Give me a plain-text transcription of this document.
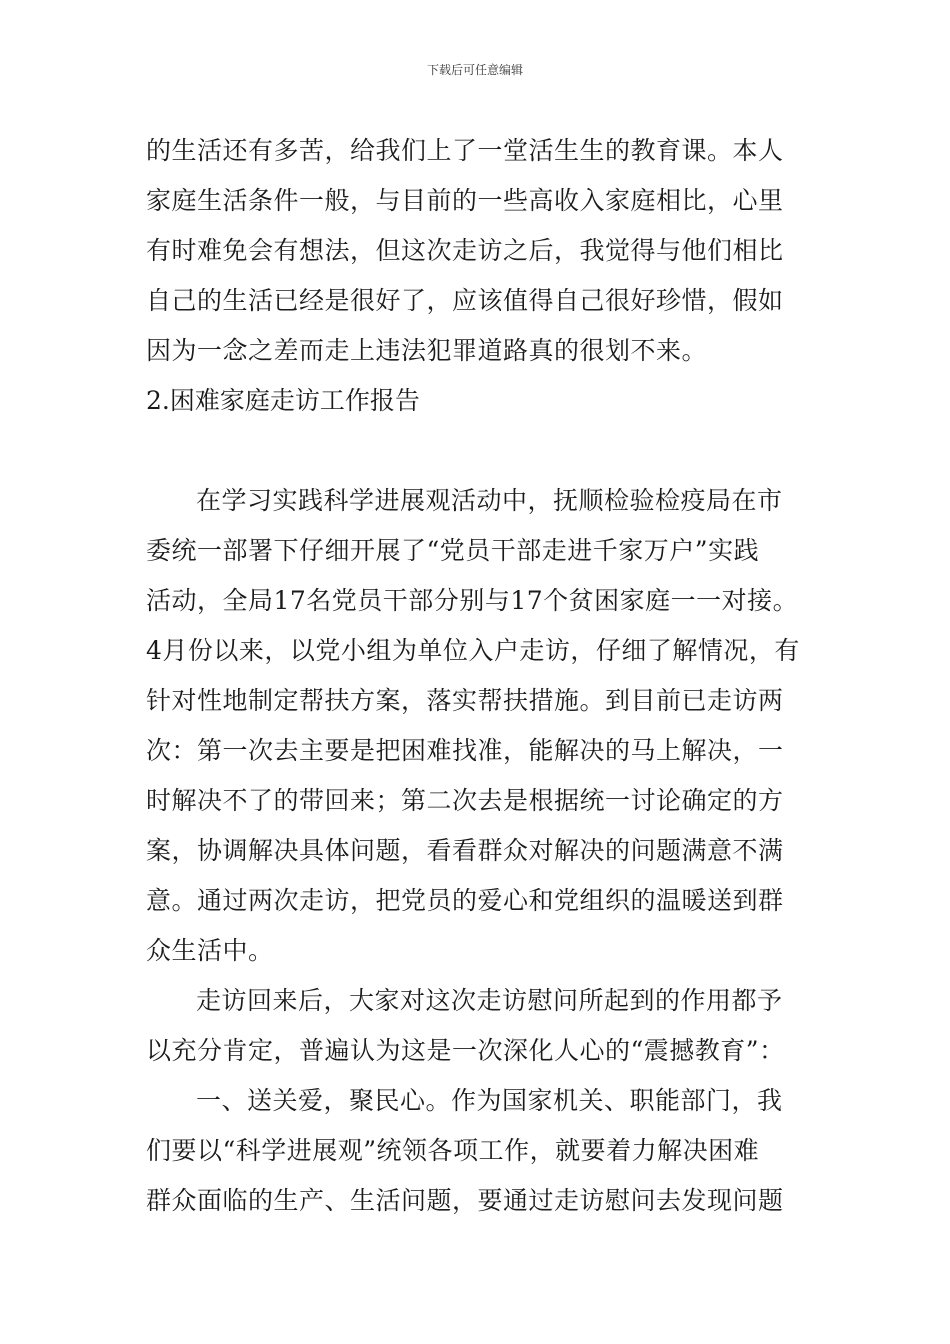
下载后可任意编辑
的生活还有多苦，给我们上了一堂活生生的教育课。本人
家庭生活条件一般，与目前的一些高收入家庭相比，心里
有时难免会有想法，但这次走访之后，我觉得与他们相比
自己的生活已经是很好了，应该值得自己很好珍惜，假如
因为一念之差而走上违法犯罪道路真的很划不来。
2.困难家庭走访工作报告
在学习实践科学进展观活动中，抚顺检验检疫局在市
委统一部署下仔细开展了“党员干部走进千家万户”实践
活动，全局17名党员干部分别与17个贫困家庭一一对接。
4月份以来，以党小组为单位入户走访，仔细了解情况，有
针对性地制定帮扶方案，落实帮扶措施。到目前已走访两
次：第一次去主要是把困难找准，能解决的马上解决，一
时解决不了的带回来；第二次去是根据统一讨论确定的方
案，协调解决具体问题，看看群众对解决的问题满意不满
意。通过两次走访，把党员的爱心和党组织的温暖送到群
众生活中。
走访回来后，大家对这次走访慰问所起到的作用都予
以充分肯定，普遍认为这是一次深化人心的“震撼教育”：
一、送关爱，聚民心。作为国家机关、职能部门，我
们要以“科学进展观”统领各项工作，就要着力解决困难
群众面临的生产、生活问题，要通过走访慰问去发现问题
